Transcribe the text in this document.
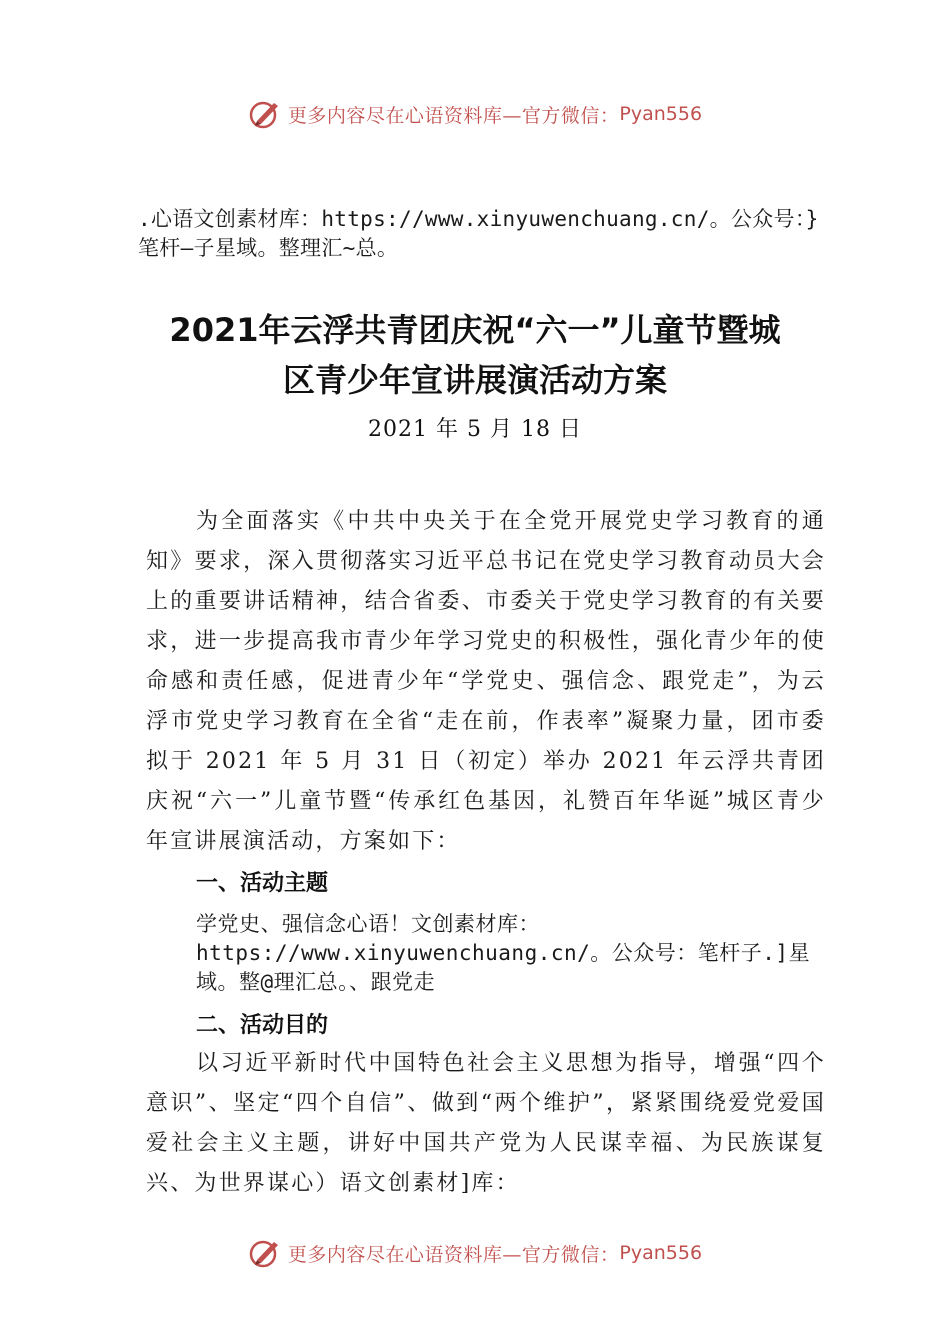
更多内容尽在心语资料库—官方微信： Pyan556
.心语文创素材库：https://www.xinyuwenchuang.cn/。公众号：}笔杆—子星域。整理汇~总。
2021年云浮共青团庆祝“六一”儿童节暨城
区青少年宣讲展演活动方案
2021 年 5 月 18 日
为全面落实《中共中央关于在全党开展党史学习教育的通知》要求，深入贯彻落实习近平总书记在党史学习教育动员大会上的重要讲话精神，结合省委、市委关于党史学习教育的有关要求，进一步提高我市青少年学习党史的积极性，强化青少年的使命感和责任感，促进青少年“学党史、强信念、跟党走”，为云浮市党史学习教育在全省“走在前，作表率”凝聚力量，团市委拟于 2021 年 5 月 31 日（初定）举办 2021 年云浮共青团庆祝“六一”儿童节暨“传承红色基因，礼赞百年华诞”城区青少年宣讲展演活动，方案如下：
一、活动主题
学党史、强信念心语！文创素材库：https://www.xinyuwenchuang.cn/。公众号：笔杆子.]星域。整@理汇总。、跟党走
二、活动目的
以习近平新时代中国特色社会主义思想为指导，增强“四个意识”、坚定“四个自信”、做到“两个维护”，紧紧围绕爱党爱国爱社会主义主题，讲好中国共产党为人民谋幸福、为民族谋复兴、为世界谋心）语文创素材]库：
更多内容尽在心语资料库—官方微信： Pyan556
